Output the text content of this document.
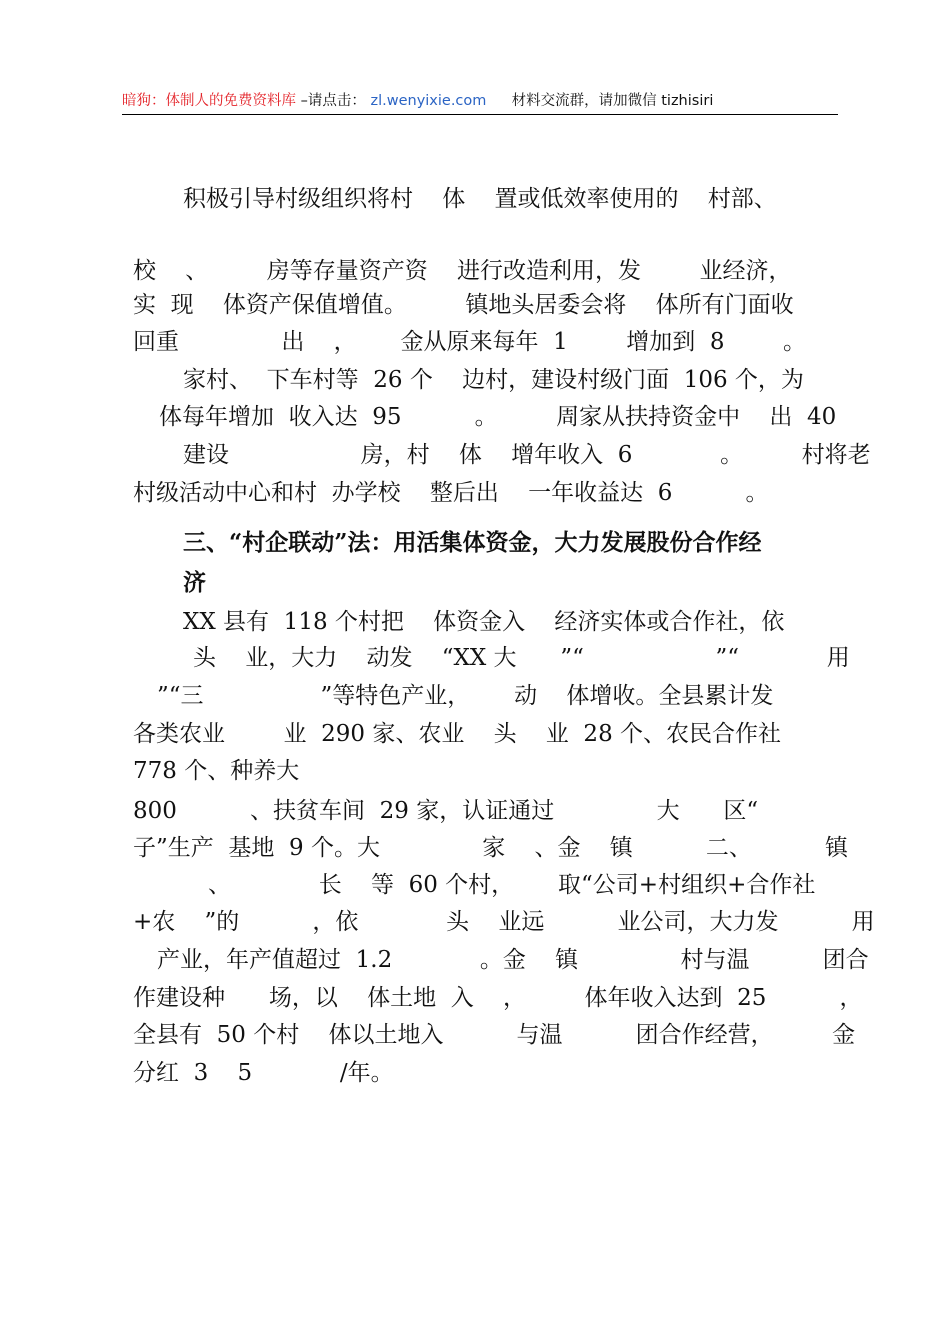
暗狗：体制人的免费资料库 –请点击： zl.wenyixie.com 材料交流群，请加微信 tizhisiri
积极引导村级组织将村    体    置或低效率使用的    村部、
校    、        房等存量资产资    进行改造利用，发        业经济，
实  现    体资产保值增值。        镇地头居委会将    体所有门面收
回重              出    ，      金从原来每年  1        增加到  8        。
家村、  下车村等  26 个    边村，建设村级门面  106 个，为
体每年增加  收入达  95          。        周家从扶持资金中    出  40
建设                  房，村    体    增年收入  6            。        村将老
村级活动中心和村  办学校    整后出    一年收益达  6          。
三、“村企联动”法：用活集体资金，大力发展股份合作经
济
XX 县有  118 个村把    体资金入    经济实体或合作社，依
头    业，大力    动发    “XX 大      ”“                  ”“            用
”“三                ”等特色产业，      动    体增收。全县累计发
各类农业        业  290 家、农业    头    业  28 个、农民合作社
778 个、种养大
800          、扶贫车间  29 家，认证通过              大      区“
子”生产  基地  9 个。大              家    、金    镇          二、          镇
、            长    等  60 个村，      取“公司+村组织+合作社
+农    ”的          ，依            头    业远          业公司，大力发          用
产业，年产值超过  1.2            。金    镇              村与温          团合
作建设种      场，以    体土地  入    ，        体年收入达到  25          ，
全县有  50 个村    体以土地入          与温          团合作经营，        金
分红  3    5            /年。
